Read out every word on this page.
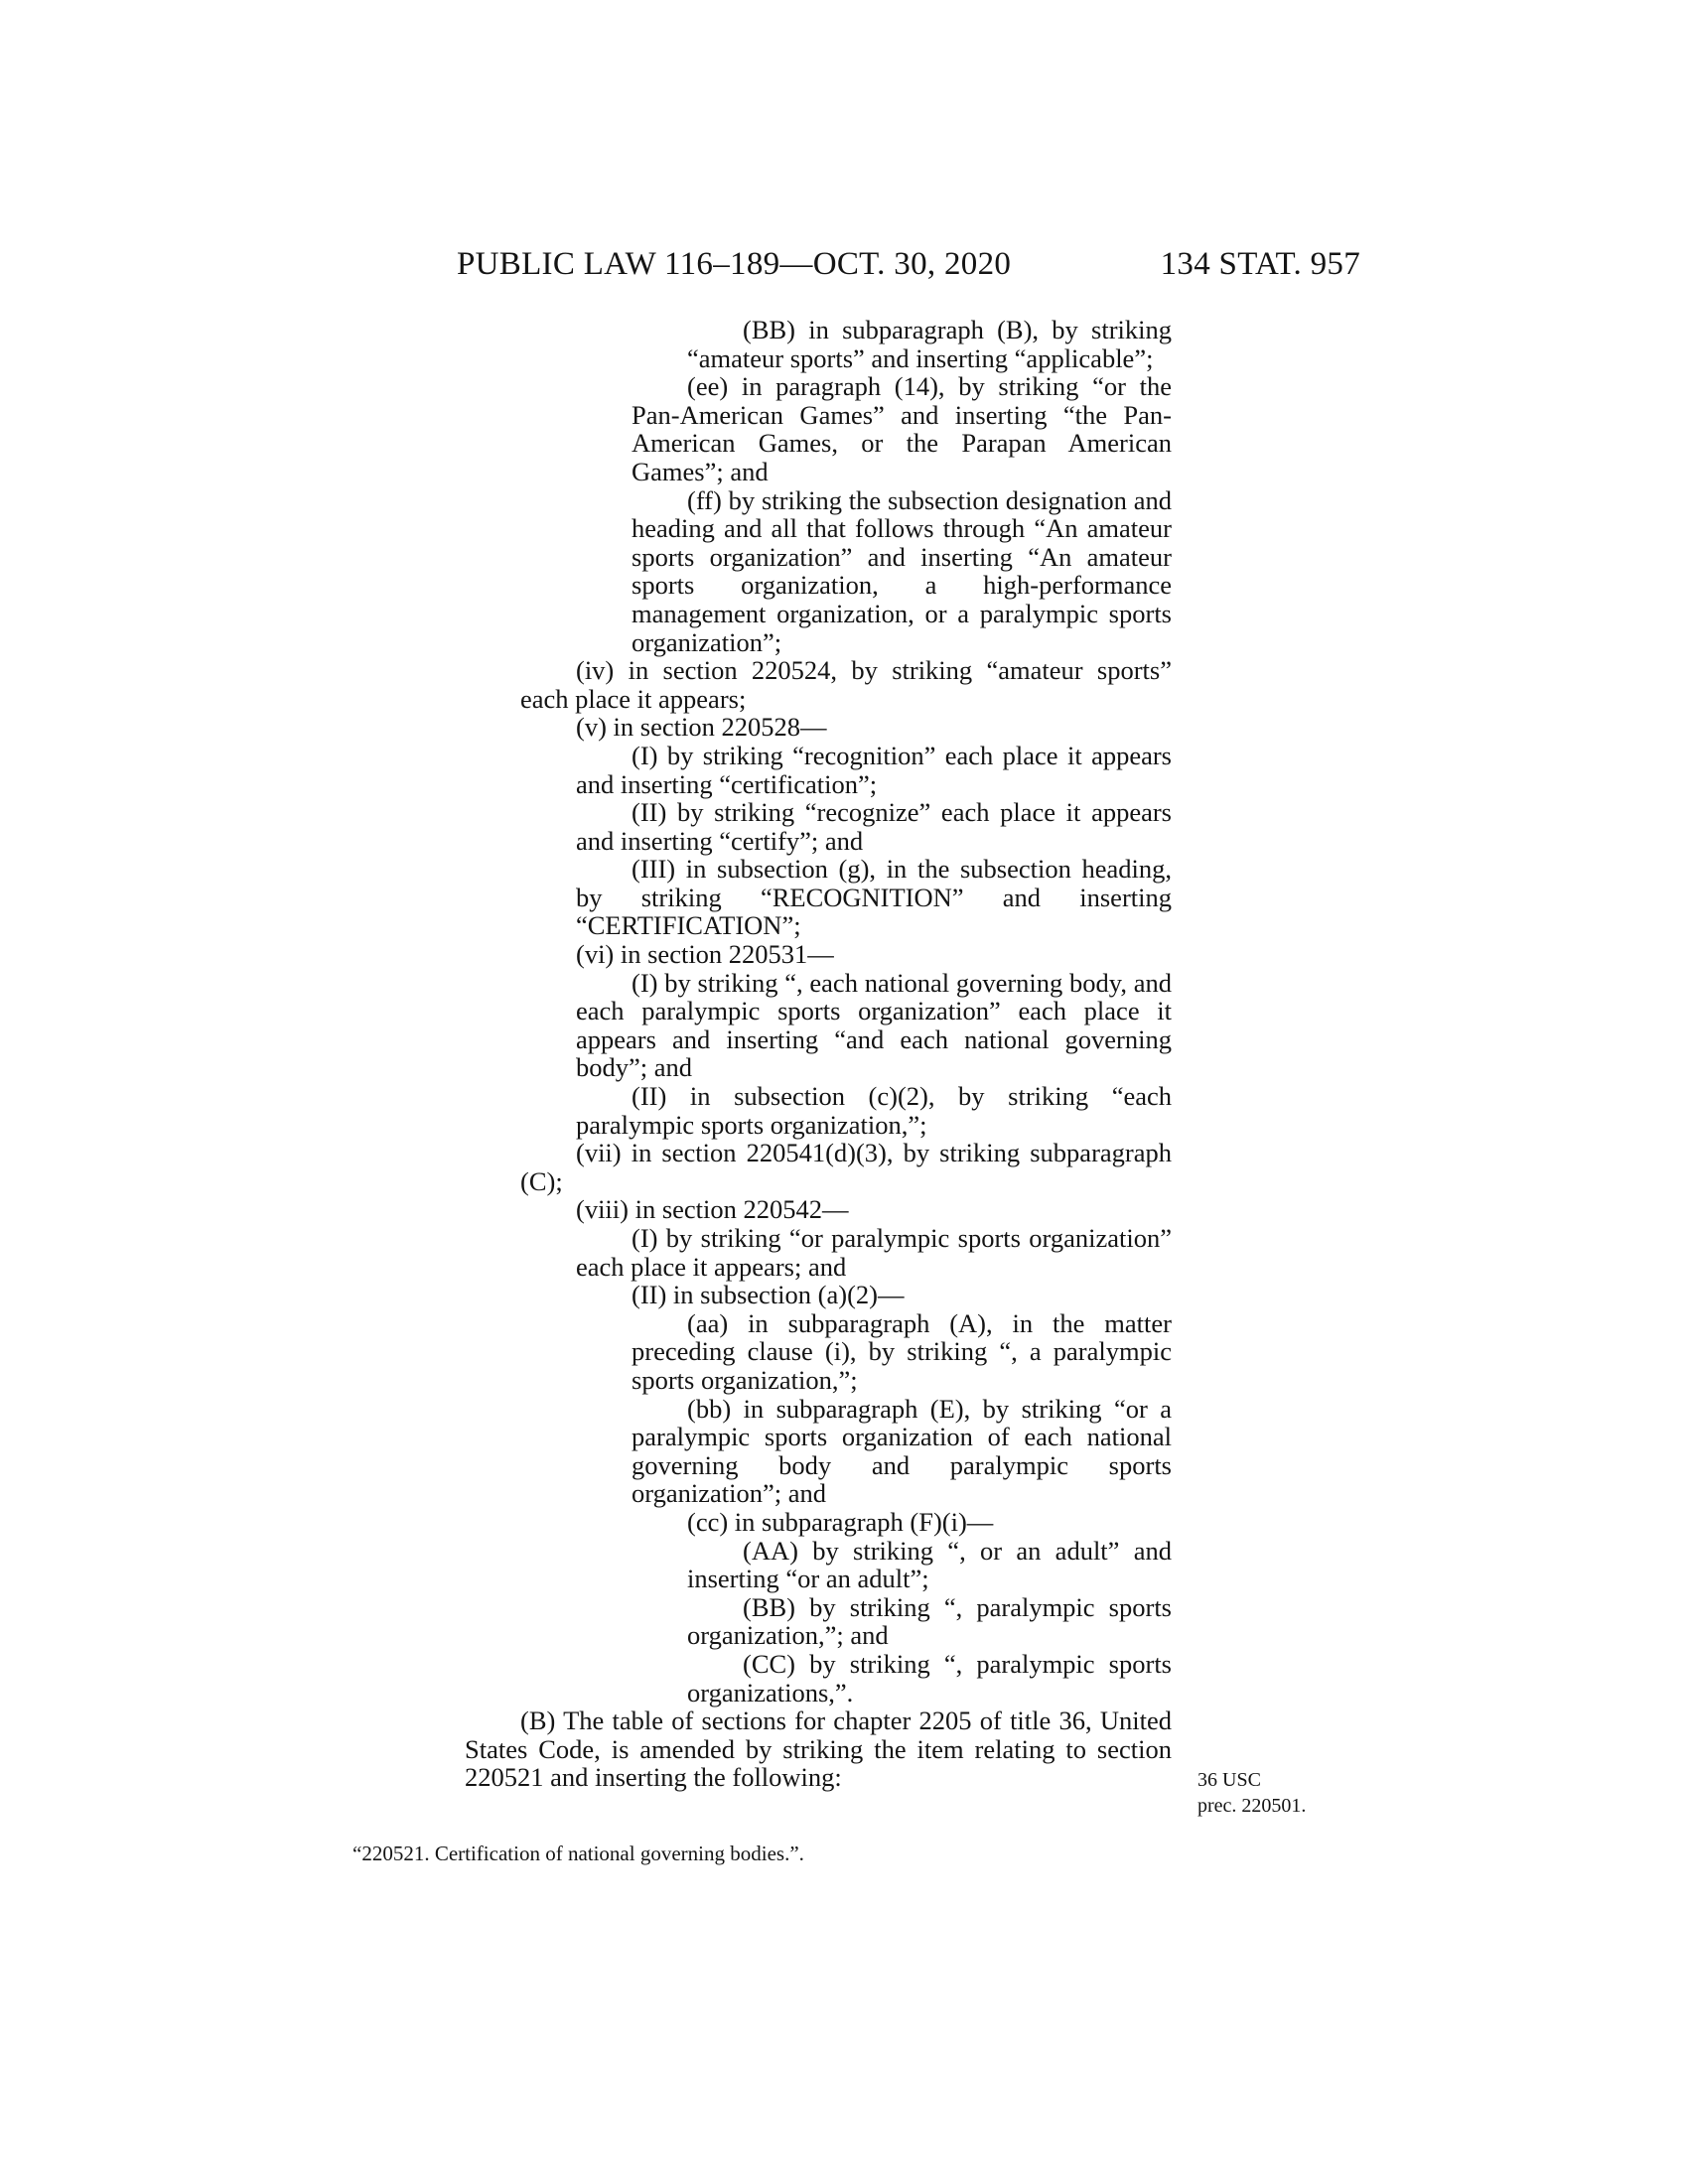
PUBLIC LAW 116–189—OCT. 30, 2020	134 STAT. 957

(BB) in subparagraph (B), by striking “amateur sports” and inserting “applicable”;

(ee) in paragraph (14), by striking “or the Pan-American Games” and inserting “the Pan-American Games, or the Parapan American Games”; and

(ff) by striking the subsection designation and heading and all that follows through “An amateur sports organization” and inserting “An amateur sports organization, a high-performance management organization, or a paralympic sports organization”;

(iv) in section 220524, by striking “amateur sports” each place it appears;

(v) in section 220528—

(I) by striking “recognition” each place it appears and inserting “certification”;

(II) by striking “recognize” each place it appears and inserting “certify”; and

(III) in subsection (g), in the subsection heading, by striking “RECOGNITION” and inserting “CERTIFICATION”;

(vi) in section 220531—

(I) by striking “, each national governing body, and each paralympic sports organization” each place it appears and inserting “and each national governing body”; and

(II) in subsection (c)(2), by striking “each paralympic sports organization,”;

(vii) in section 220541(d)(3), by striking subparagraph (C);

(viii) in section 220542—

(I) by striking “or paralympic sports organization” each place it appears; and

(II) in subsection (a)(2)—

(aa) in subparagraph (A), in the matter preceding clause (i), by striking “, a paralympic sports organization,”;

(bb) in subparagraph (E), by striking “or a paralympic sports organization of each national governing body and paralympic sports organization”; and

(cc) in subparagraph (F)(i)—

(AA) by striking “, or an adult” and inserting “or an adult”;

(BB) by striking “, paralympic sports organization,”; and

(CC) by striking “, paralympic sports organizations,”.

(B) The table of sections for chapter 2205 of title 36, United States Code, is amended by striking the item relating to section 220521 and inserting the following:	36 USC
prec. 220501.
“220521. Certification of national governing bodies.”.
